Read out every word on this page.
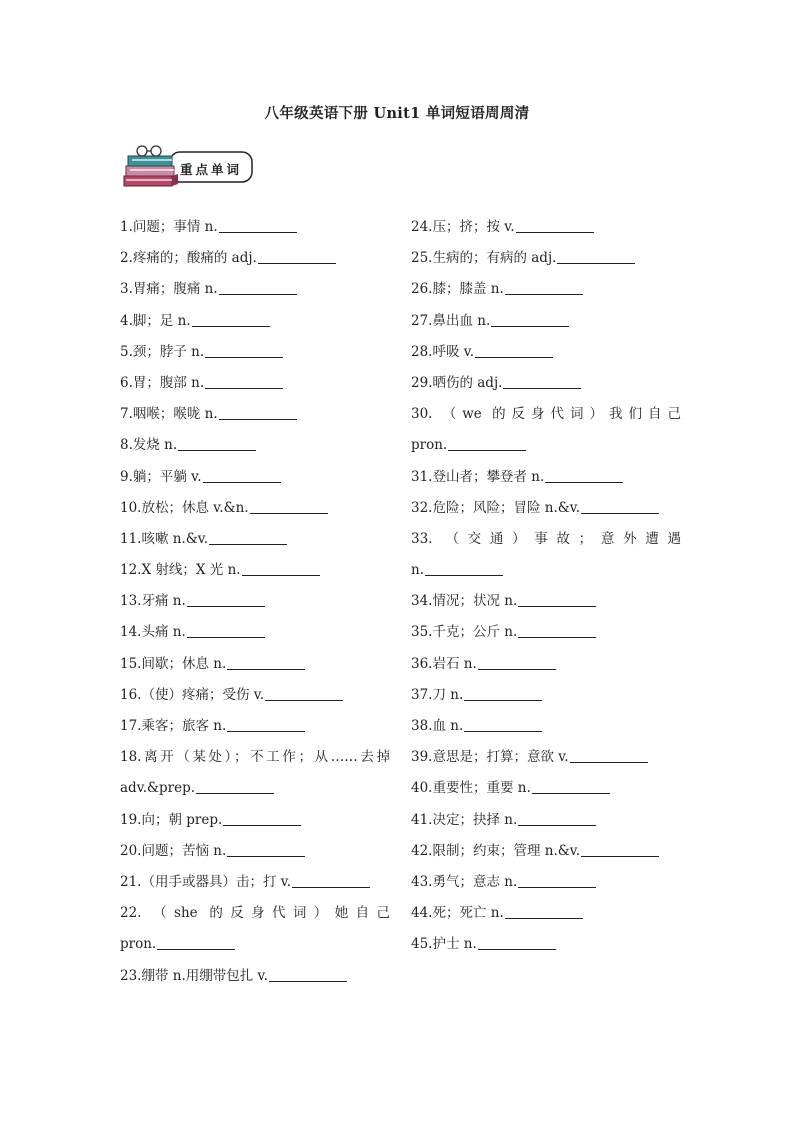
八年级英语下册 Unit1 单词短语周周清
重点单词
1.问题；事情 n.
2.疼痛的；酸痛的 adj.
3.胃痛；腹痛 n.
4.脚；足 n.
5.颈；脖子 n.
6.胃；腹部 n.
7.咽喉；喉咙 n.
8.发烧 n.
9.躺；平躺 v.
10.放松；休息 v.&n.
11.咳嗽 n.&v.
12.X 射线；X 光 n.
13.牙痛 n.
14.头痛 n.
15.间歇；休息 n.
16.（使）疼痛；受伤 v.
17.乘客；旅客 n.
18.离开（某处）；不工作；从……去掉
adv.&prep.
19.向；朝 prep.
20.问题；苦恼 n.
21.（用手或器具）击；打 v.
22. （she 的反身代词）她自己
pron.
23.绷带 n.用绷带包扎 v.
24.压；挤；按 v.
25.生病的；有病的 adj.
26.膝；膝盖 n.
27.鼻出血 n.
28.呼吸 v.
29.晒伤的 adj.
30. （we 的反身代词）我们自己
pron.
31.登山者；攀登者 n.
32.危险；风险；冒险 n.&v.
33. （交通）事故；意外遭遇
n.
34.情况；状况 n.
35.千克；公斤 n.
36.岩石 n.
37.刀 n.
38.血 n.
39.意思是；打算；意欲 v.
40.重要性；重要 n.
41.决定；抉择 n.
42.限制；约束；管理 n.&v.
43.勇气；意志 n.
44.死；死亡 n.
45.护士 n.
